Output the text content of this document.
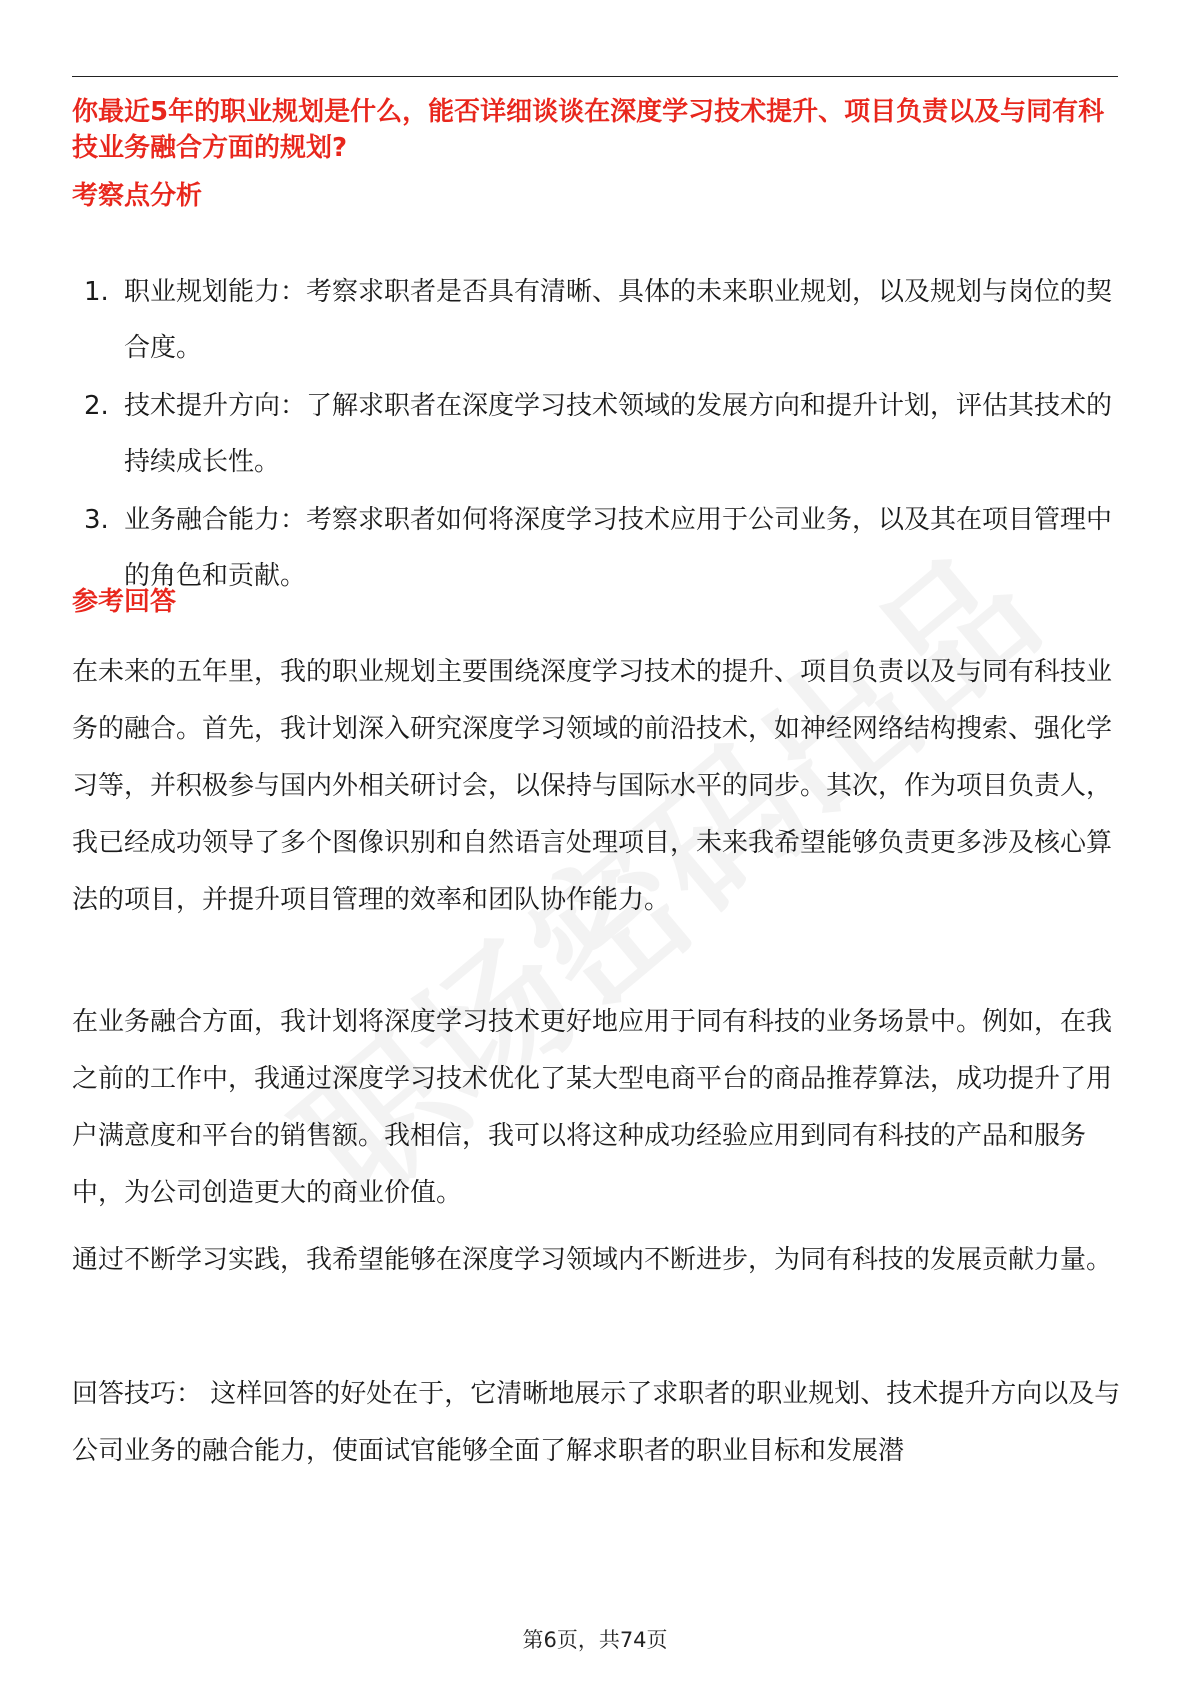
你最近5年的职业规划是什么，能否详细谈谈在深度学习技术提升、项目负责以及与同有科技业务融合方面的规划?

考察点分析
1. 职业规划能力：考察求职者是否具有清晰、具体的未来职业规划，以及规划与岗位的契合度。
2. 技术提升方向：了解求职者在深度学习技术领域的发展方向和提升计划，评估其技术的持续成长性。
3. 业务融合能力：考察求职者如何将深度学习技术应用于公司业务，以及其在项目管理中的角色和贡献。
参考回答

在未来的五年里，我的职业规划主要围绕深度学习技术的提升、项目负责以及与同有科技业务的融合。首先，我计划深入研究深度学习领域的前沿技术，如神经网络结构搜索、强化学习等，并积极参与国内外相关研讨会，以保持与国际水平的同步。其次，作为项目负责人，我已经成功领导了多个图像识别和自然语言处理项目，未来我希望能够负责更多涉及核心算法的项目，并提升项目管理的效率和团队协作能力。

在业务融合方面，我计划将深度学习技术更好地应用于同有科技的业务场景中。例如，在我之前的工作中，我通过深度学习技术优化了某大型电商平台的商品推荐算法，成功提升了用户满意度和平台的销售额。我相信，我可以将这种成功经验应用到同有科技的产品和服务中，为公司创造更大的商业价值。

通过不断学习实践，我希望能够在深度学习领域内不断进步，为同有科技的发展贡献力量。

回答技巧： 这样回答的好处在于，它清晰地展示了求职者的职业规划、技术提升方向以及与公司业务的融合能力，使面试官能够全面了解求职者的职业目标和发展潜

第6页，共74页
